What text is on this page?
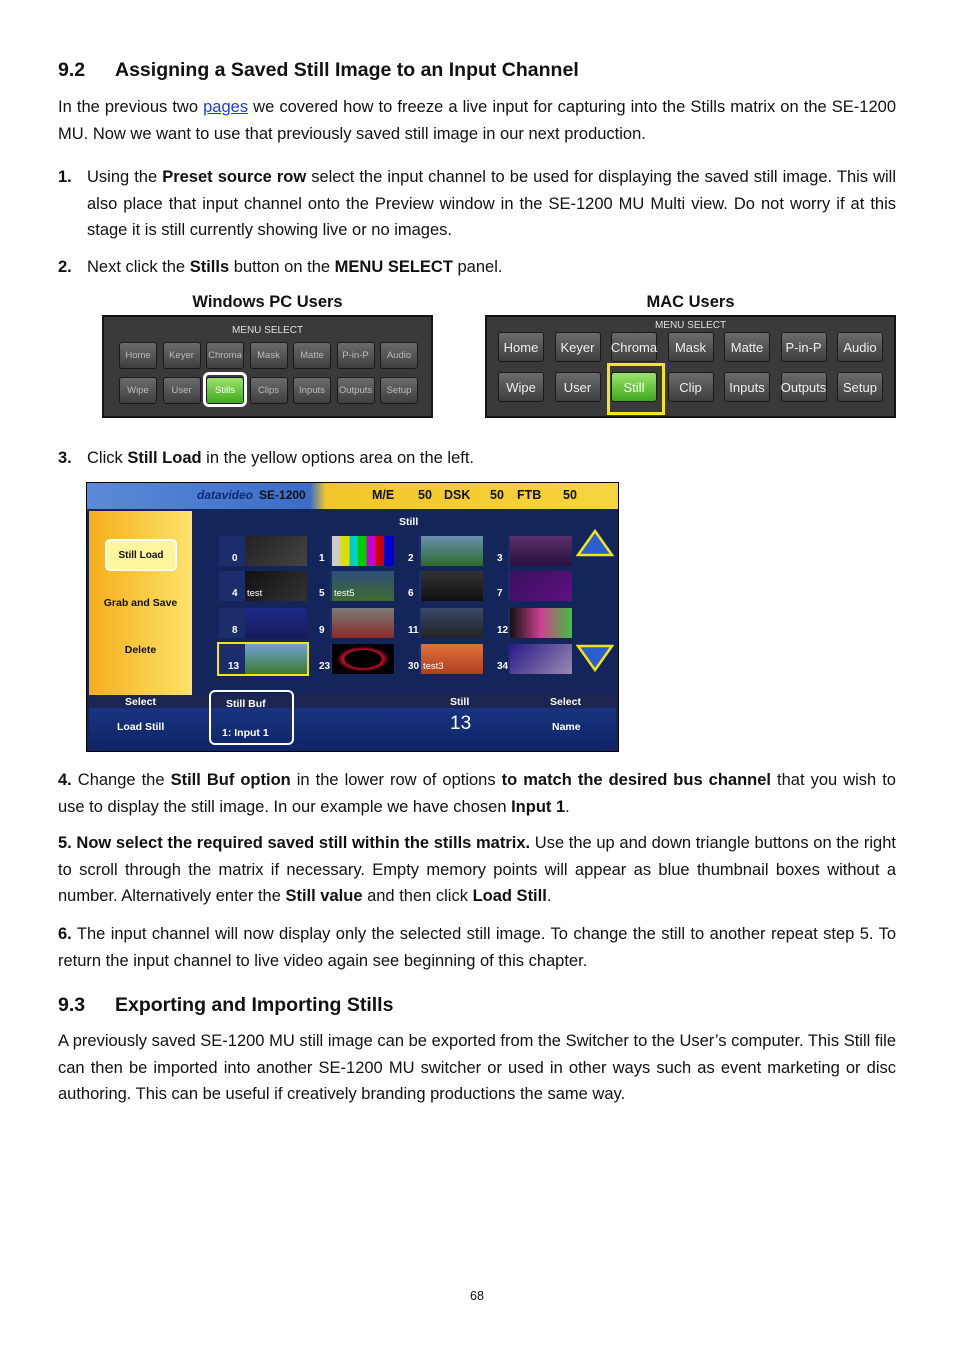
9.2 Assigning a Saved Still Image to an Input Channel

In the previous two pages we covered how to freeze a live input for capturing into the Stills matrix on the SE-1200 MU. Now we want to use that previously saved still image in our next production.

1. Using the Preset source row select the input channel to be used for displaying the saved still image. This will also place that input channel onto the Preview window in the SE-1200 MU Multi view. Do not worry if at this stage it is still currently showing live or no images.
2. Next click the Stills button on the MENU SELECT panel.
3. Click Still Load in the yellow options area on the left.

4. Change the Still Buf option in the lower row of options to match the desired bus channel that you wish to use to display the still image. In our example we have chosen Input 1.

5. Now select the required saved still within the stills matrix. Use the up and down triangle buttons on the right to scroll through the matrix if necessary. Empty memory points will appear as blue thumbnail boxes without a number. Alternatively enter the Still value and then click Load Still.

6. The input channel will now display only the selected still image. To change the still to another repeat step 5. To return the input channel to live video again see beginning of this chapter.

9.3 Exporting and Importing Stills

A previously saved SE-1200 MU still image can be exported from the Switcher to the User’s computer. This Still file can then be imported into another SE-1200 MU switcher or used in other ways such as event marketing or disc authoring. This can be useful if creatively branding productions the same way.

Windows PC Users	MAC Users
MENU SELECT
Home	Keyer	Chroma	Mask	Matte	P-in-P	Audio
Wipe	User	Stills	Clips	Inputs	Outputs	Setup
MENU SELECT
Home	Keyer	Chroma	Mask	Matte	P-in-P	Audio
Wipe	User	Still	Clip	Inputs	Outputs	Setup
datavideo SE-1200	M/E 50 DSK 50 FTB 50
Still Load
Grab and Save
Delete
Still
Select
Load Still
Still
13
Select
Name
Still Buf
1: Input 1
0	1	2	3
4 test	5 test5	6	7
8	9	11	12
13	23	30 test3	34
68
